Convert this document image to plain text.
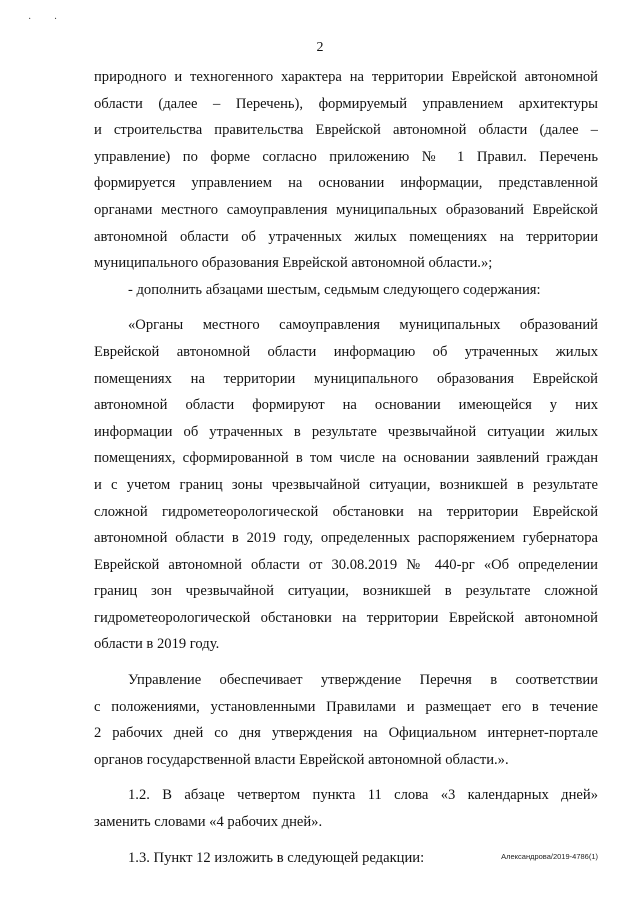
· ·
2
природного и техногенного характера на территории Еврейской автономной
области (далее – Перечень), формируемый управлением архитектуры
и строительства правительства Еврейской автономной области (далее –
управление) по форме согласно приложению № 1 Правил. Перечень
формируется управлением на основании информации, представленной
органами местного самоуправления муниципальных образований Еврейской
автономной области об утраченных жилых помещениях на территории
муниципального образования Еврейской автономной области.»;
- дополнить абзацами шестым, седьмым следующего содержания:
«Органы местного самоуправления муниципальных образований
Еврейской автономной области информацию об утраченных жилых
помещениях на территории муниципального образования Еврейской
автономной области формируют на основании имеющейся у них
информации об утраченных в результате чрезвычайной ситуации жилых
помещениях, сформированной в том числе на основании заявлений граждан
и с учетом границ зоны чрезвычайной ситуации, возникшей в результате
сложной гидрометеорологической обстановки на территории Еврейской
автономной области в 2019 году, определенных распоряжением губернатора
Еврейской автономной области от 30.08.2019 № 440-рг «Об определении
границ зон чрезвычайной ситуации, возникшей в результате сложной
гидрометеорологической обстановки на территории Еврейской автономной
области в 2019 году.
Управление обеспечивает утверждение Перечня в соответствии
с положениями, установленными Правилами и размещает его в течение
2 рабочих дней со дня утверждения на Официальном интернет-портале
органов государственной власти Еврейской автономной области.».
1.2. В абзаце четвертом пункта 11 слова «3 календарных дней»
заменить словами «4 рабочих дней».
1.3. Пункт 12 изложить в следующей редакции:	Александрова/2019-4786(1)
